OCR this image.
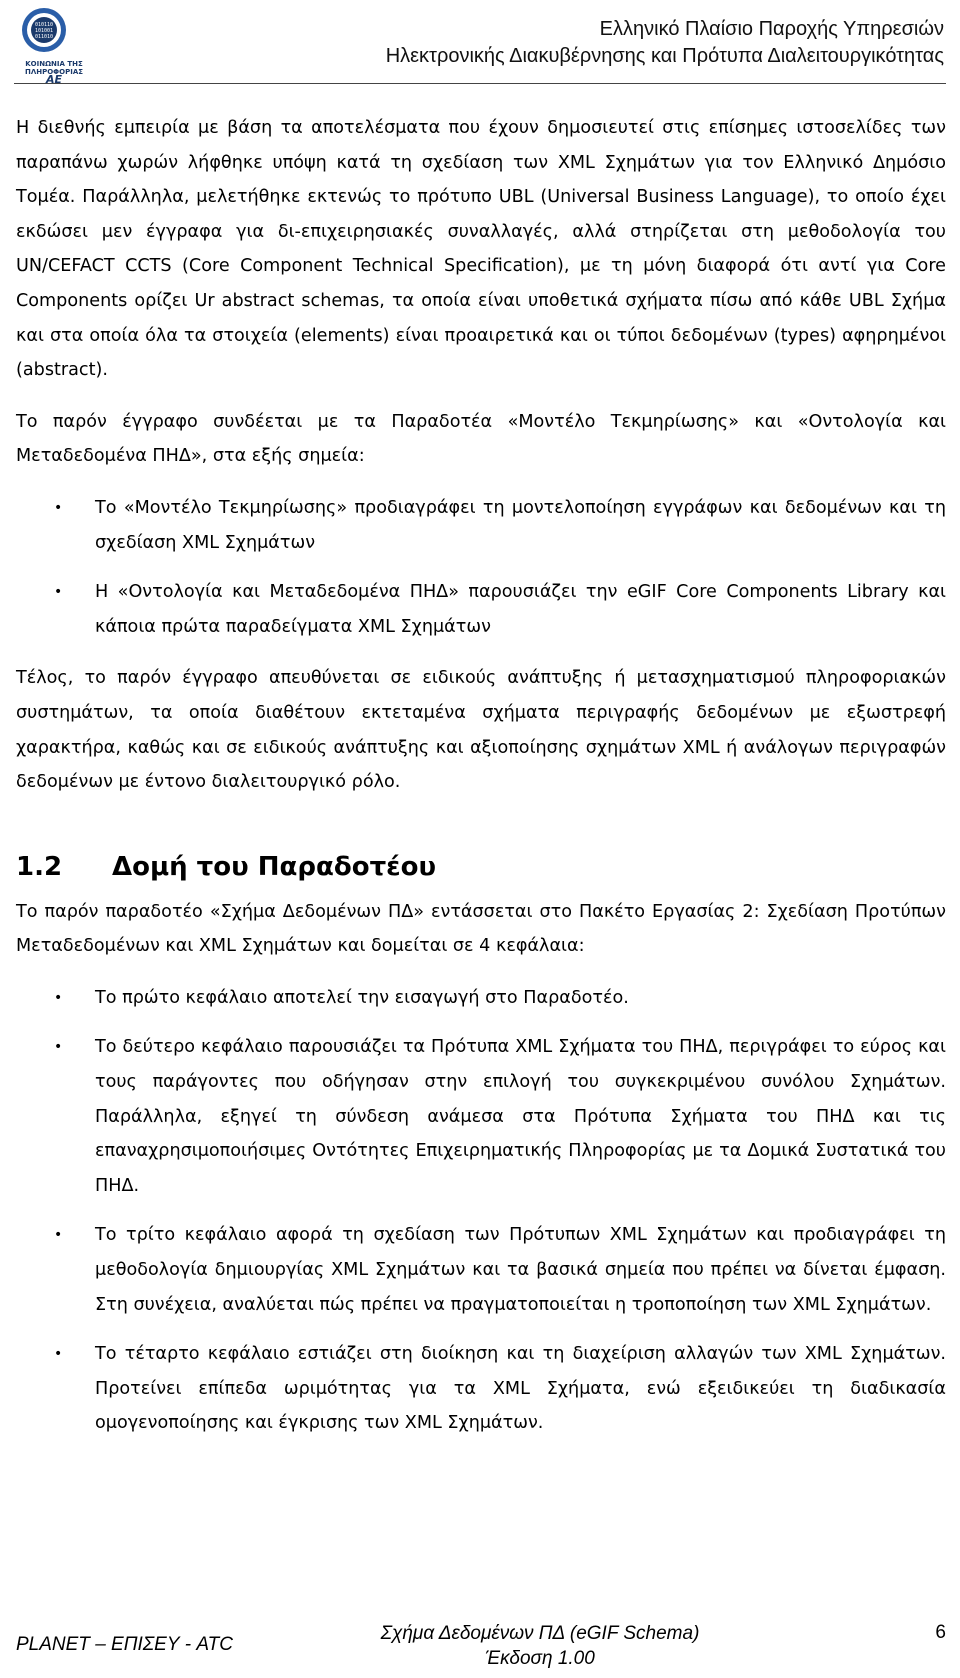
010110
101001
011010
ΚΟΙΝΩΝΙΑ ΤΗΣ ΠΛΗΡΟΦΟΡΙΑΣ
ΑΕ
Ελληνικό Πλαίσιο Παροχής Υπηρεσιών
Ηλεκτρονικής Διακυβέρνησης και Πρότυπα Διαλειτουργικότητας

Η διεθνής εμπειρία με βάση τα αποτελέσματα που έχουν δημοσιευτεί στις επίσημες ιστοσελίδες των παραπάνω χωρών λήφθηκε υπόψη κατά τη σχεδίαση των XML Σχημάτων για τον Ελληνικό Δημόσιο Τομέα. Παράλληλα, μελετήθηκε εκτενώς το πρότυπο UBL (Universal Business Language), το οποίο έχει εκδώσει μεν έγγραφα για δι-επιχειρησιακές συναλλαγές, αλλά στηρίζεται στη μεθοδολογία του UN/CEFACT CCTS (Core Component Technical Specification), με τη μόνη διαφορά ότι αντί για Core Components ορίζει Ur abstract schemas, τα οποία είναι υποθετικά σχήματα πίσω από κάθε UBL Σχήμα και στα οποία όλα τα στοιχεία (elements) είναι προαιρετικά και οι τύποι δεδομένων (types) αφηρημένοι (abstract).

Το παρόν έγγραφο συνδέεται με τα Παραδοτέα «Μοντέλο Τεκμηρίωσης» και «Οντολογία και Μεταδεδομένα ΠΗΔ», στα εξής σημεία:

• Το «Μοντέλο Τεκμηρίωσης» προδιαγράφει τη μοντελοποίηση εγγράφων και δεδομένων και τη σχεδίαση XML Σχημάτων
• Η «Οντολογία και Μεταδεδομένα ΠΗΔ» παρουσιάζει την eGIF Core Components Library και κάποια πρώτα παραδείγματα XML Σχημάτων

Τέλος, το παρόν έγγραφο απευθύνεται σε ειδικούς ανάπτυξης ή μετασχηματισμού πληροφοριακών συστημάτων, τα οποία διαθέτουν εκτεταμένα σχήματα περιγραφής δεδομένων με εξωστρεφή χαρακτήρα, καθώς και σε ειδικούς ανάπτυξης και αξιοποίησης σχημάτων XML ή ανάλογων περιγραφών δεδομένων με έντονο διαλειτουργικό ρόλο.

1.2 Δομή του Παραδοτέου

Το παρόν παραδοτέο «Σχήμα Δεδομένων ΠΔ» εντάσσεται στο Πακέτο Εργασίας 2: Σχεδίαση Προτύπων Μεταδεδομένων και XML Σχημάτων και δομείται σε 4 κεφάλαια:

• Το πρώτο κεφάλαιο αποτελεί την εισαγωγή στο Παραδοτέο.
• Το δεύτερο κεφάλαιο παρουσιάζει τα Πρότυπα XML Σχήματα του ΠΗΔ, περιγράφει το εύρος και τους παράγοντες που οδήγησαν στην επιλογή του συγκεκριμένου συνόλου Σχημάτων. Παράλληλα, εξηγεί τη σύνδεση ανάμεσα στα Πρότυπα Σχήματα του ΠΗΔ και τις επαναχρησιμοποιήσιμες Οντότητες Επιχειρηματικής Πληροφορίας με τα Δομικά Συστατικά του ΠΗΔ.
• Το τρίτο κεφάλαιο αφορά τη σχεδίαση των Πρότυπων XML Σχημάτων και προδιαγράφει τη μεθοδολογία δημιουργίας XML Σχημάτων και τα βασικά σημεία που πρέπει να δίνεται έμφαση. Στη συνέχεια, αναλύεται πώς πρέπει να πραγματοποιείται η τροποποίηση των XML Σχημάτων.
• Το τέταρτο κεφάλαιο εστιάζει στη διοίκηση και τη διαχείριση αλλαγών των XML Σχημάτων. Προτείνει επίπεδα ωριμότητας για τα XML Σχήματα, ενώ εξειδικεύει τη διαδικασία ομογενοποίησης και έγκρισης των XML Σχημάτων.
PLANET – ΕΠΙΣΕΥ - ATC
Σχήμα Δεδομένων ΠΔ (eGIF Schema)
Έκδοση 1.00
6
